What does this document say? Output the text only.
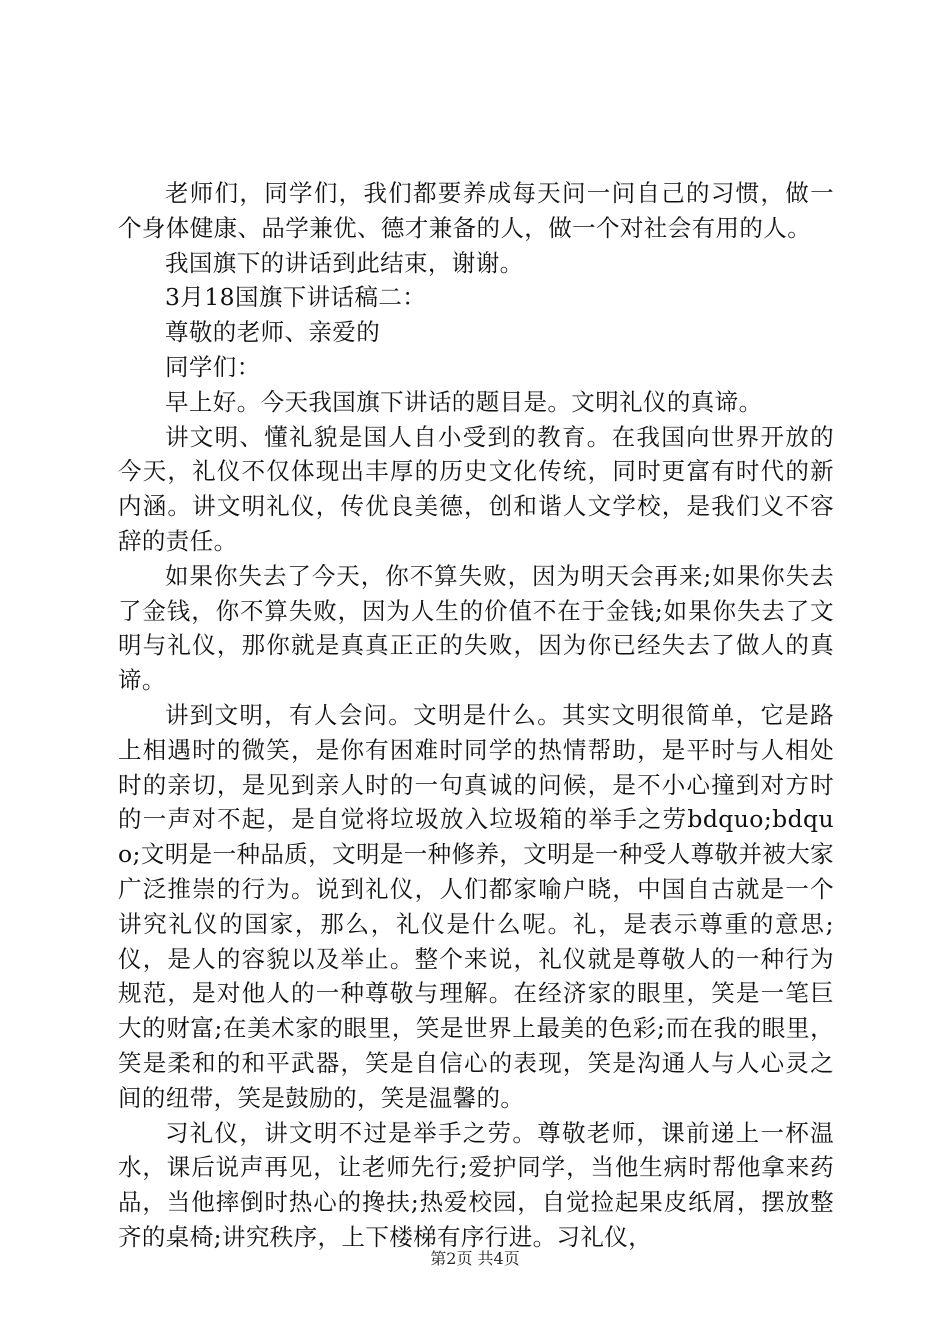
老师们，同学们，我们都要养成每天问一问自己的习惯，做一个身体健康、品学兼优、德才兼备的人，做一个对社会有用的人。

我国旗下的讲话到此结束，谢谢。

3月18国旗下讲话稿二：

尊敬的老师、亲爱的

同学们：

早上好。今天我国旗下讲话的题目是。文明礼仪的真谛。

讲文明、懂礼貌是国人自小受到的教育。在我国向世界开放的今天，礼仪不仅体现出丰厚的历史文化传统，同时更富有时代的新内涵。讲文明礼仪，传优良美德，创和谐人文学校，是我们义不容辞的责任。

如果你失去了今天，你不算失败，因为明天会再来;如果你失去了金钱，你不算失败，因为人生的价值不在于金钱;如果你失去了文明与礼仪，那你就是真真正正的失败，因为你已经失去了做人的真谛。

讲到文明，有人会问。文明是什么。其实文明很简单，它是路上相遇时的微笑，是你有困难时同学的热情帮助，是平时与人相处时的亲切，是见到亲人时的一句真诚的问候，是不小心撞到对方时的一声对不起，是自觉将垃圾放入垃圾箱的举手之劳bdquo;bdquo;文明是一种品质，文明是一种修养，文明是一种受人尊敬并被大家广泛推崇的行为。说到礼仪，人们都家喻户晓，中国自古就是一个讲究礼仪的国家，那么，礼仪是什么呢。礼，是表示尊重的意思;仪，是人的容貌以及举止。整个来说，礼仪就是尊敬人的一种行为规范，是对他人的一种尊敬与理解。在经济家的眼里，笑是一笔巨大的财富;在美术家的眼里，笑是世界上最美的色彩;而在我的眼里，笑是柔和的和平武器，笑是自信心的表现，笑是沟通人与人心灵之间的纽带，笑是鼓励的，笑是温馨的。

习礼仪，讲文明不过是举手之劳。尊敬老师，课前递上一杯温水，课后说声再见，让老师先行;爱护同学，当他生病时帮他拿来药品，当他摔倒时热心的搀扶;热爱校园，自觉捡起果皮纸屑，摆放整齐的桌椅;讲究秩序，上下楼梯有序行进。习礼仪，

第2页 共4页
